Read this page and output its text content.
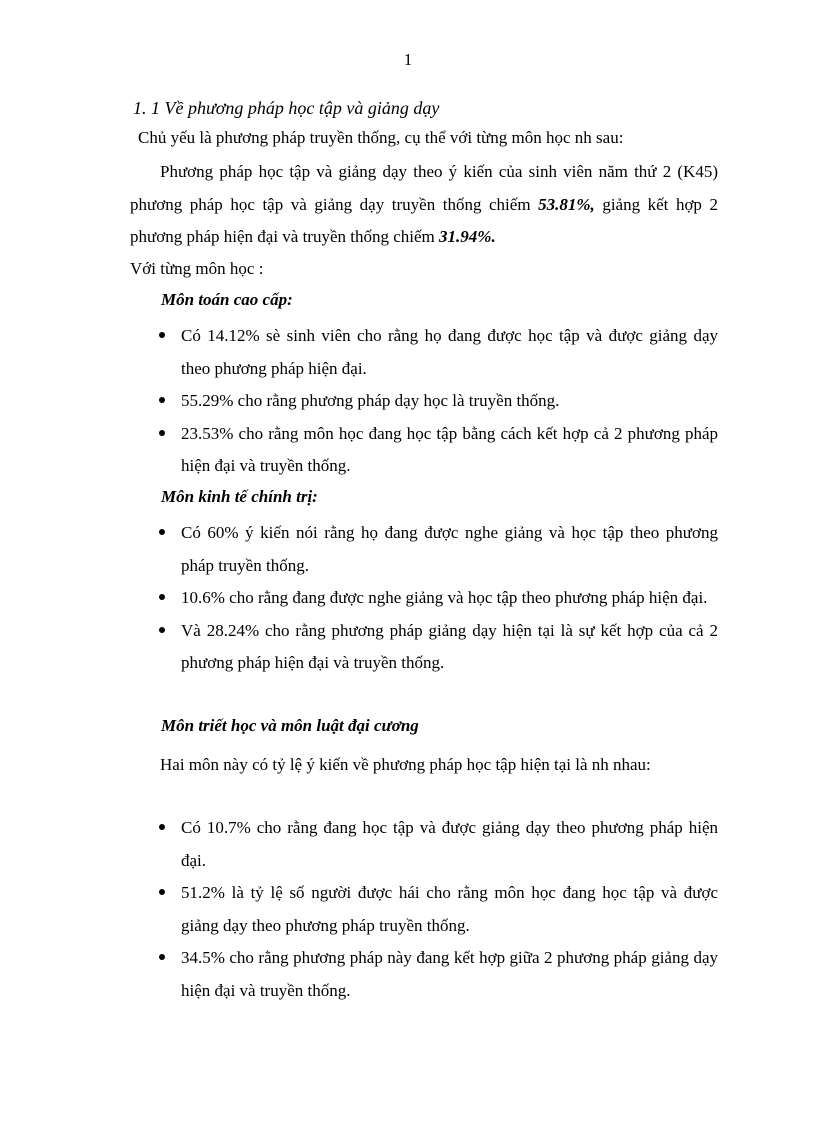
1
1. 1 Về phương pháp học tập và giảng dạy
Chủ yếu là phương pháp truyền thống, cụ thể với từng môn học nh sau:
Phương pháp học tập và giảng dạy theo ý kiến của sinh viên năm thứ 2 (K45) phương pháp học tập và giảng dạy truyền thống chiếm 53.81%, giảng kết hợp 2 phương pháp hiện đại và truyền thống chiếm 31.94%.
Với từng môn học :
Môn toán cao cấp:
Có 14.12% sè sinh viên cho rằng họ đang được học tập và được giảng dạy theo phương pháp hiện đại.
55.29% cho rằng phương pháp dạy học là truyền thống.
23.53% cho rằng môn học đang học tập bằng cách kết hợp cả 2 phương pháp hiện đại và truyền thống.
Môn kinh tế chính trị:
Có 60% ý kiến nói rằng họ đang được nghe giảng và học tập theo phương pháp truyền thống.
10.6% cho rằng đang được nghe giảng và học tập theo phương pháp hiện đại.
Và 28.24% cho rằng phương pháp giảng dạy hiện tại là sự kết hợp của cả 2 phương pháp hiện đại và truyền thống.
Môn triết học và môn luật đại cương
Hai môn này có tỷ lệ ý kiến về phương pháp học tập hiện tại là nh nhau:
Có 10.7% cho rằng đang học tập và được giảng dạy theo phương pháp hiện đại.
51.2% là tỷ lệ số người được hái cho rằng môn học đang học tập và được giảng dạy theo phương pháp truyền thống.
34.5% cho rằng phương pháp này đang kết hợp giữa 2 phương pháp giảng dạy hiện đại và truyền thống.
